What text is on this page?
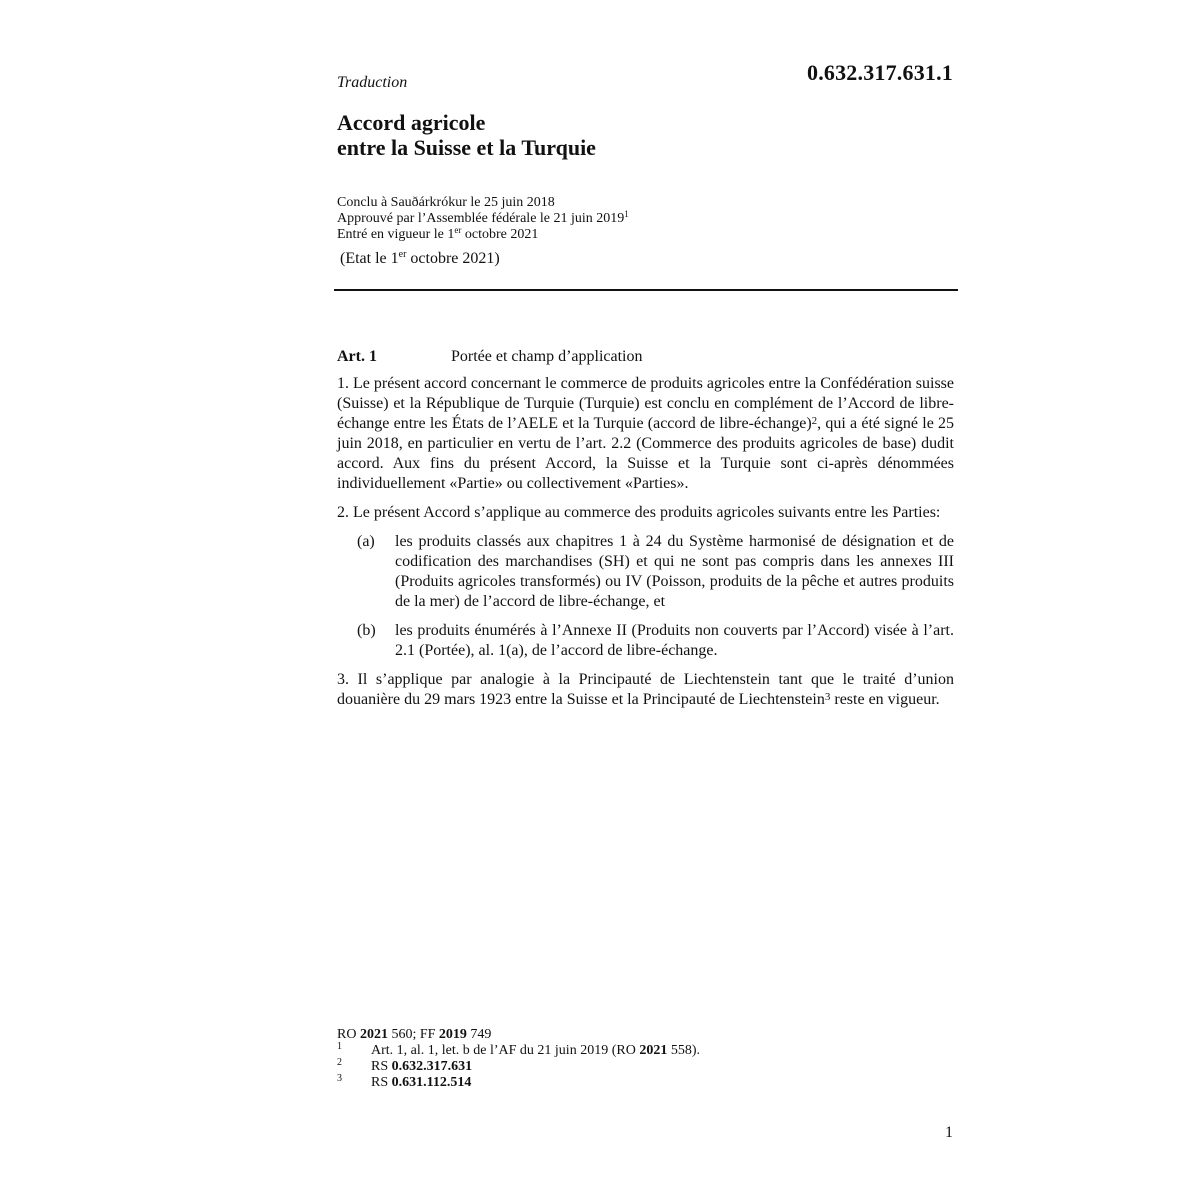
0.632.317.631.1
Traduction
Accord agricole
entre la Suisse et la Turquie
Conclu à Sauðárkrókur le 25 juin 2018
Approuvé par l’Assemblée fédérale le 21 juin 2019$^1$
Entré en vigueur le 1er octobre 2021
(Etat le 1er octobre 2021)
Art. 1	Portée et champ d’application
1. Le présent accord concernant le commerce de produits agricoles entre la Confédération suisse (Suisse) et la République de Turquie (Turquie) est conclu en complément de l’Accord de libre-échange entre les États de l’AELE et la Turquie (accord de libre-échange)$^2$, qui a été signé le 25 juin 2018, en particulier en vertu de l’art. 2.2 (Commerce des produits agricoles de base) dudit accord. Aux fins du présent Accord, la Suisse et la Turquie sont ci-après dénommées individuellement «Partie» ou collectivement «Parties».
2. Le présent Accord s’applique au commerce des produits agricoles suivants entre les Parties:
(a) les produits classés aux chapitres 1 à 24 du Système harmonisé de désignation et de codification des marchandises (SH) et qui ne sont pas compris dans les annexes III (Produits agricoles transformés) ou IV (Poisson, produits de la pêche et autres produits de la mer) de l’accord de libre-échange, et
(b) les produits énumérés à l’Annexe II (Produits non couverts par l’Accord) visée à l’art. 2.1 (Portée), al. 1(a), de l’accord de libre-échange.
3. Il s’applique par analogie à la Principauté de Liechtenstein tant que le traité d’union douanière du 29 mars 1923 entre la Suisse et la Principauté de Liechtenstein$^3$ reste en vigueur.
RO 2021 560; FF 2019 749
1 Art. 1, al. 1, let. b de l’AF du 21 juin 2019 (RO 2021 558).
2 RS 0.632.317.631
3 RS 0.631.112.514
1
